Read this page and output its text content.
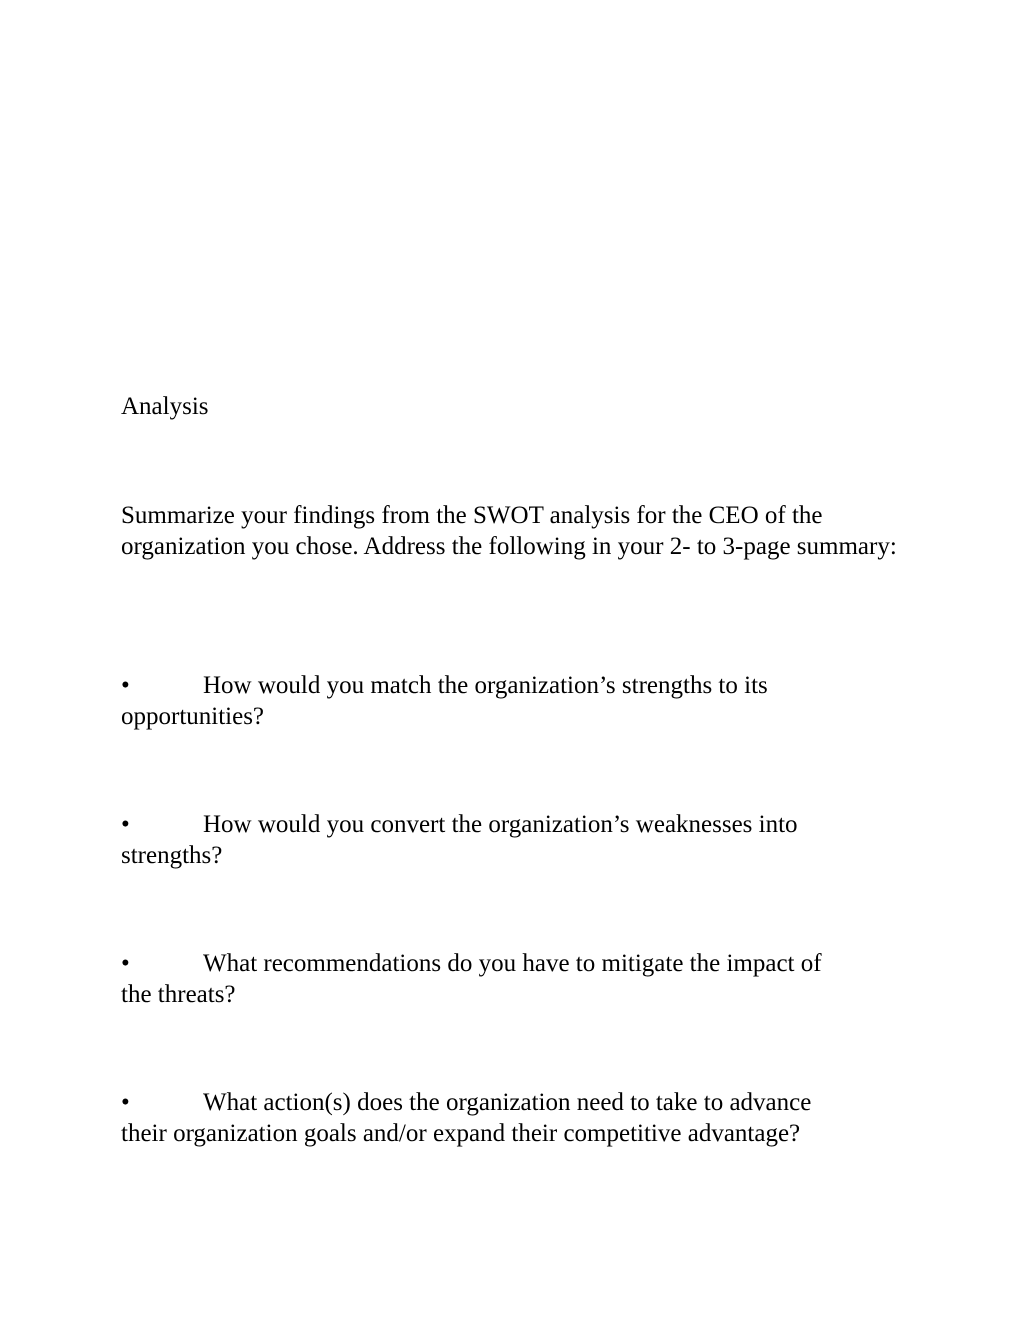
Analysis

Summarize your findings from the SWOT analysis for the CEO of the organization you chose. Address the following in your 2- to 3-page summary:

•	How would you match the organization’s strengths to its
opportunities?
•	How would you convert the organization’s weaknesses into
strengths?
•	What recommendations do you have to mitigate the impact of
the threats?
•	What action(s) does the organization need to take to advance
their organization goals and/or expand their competitive advantage?
